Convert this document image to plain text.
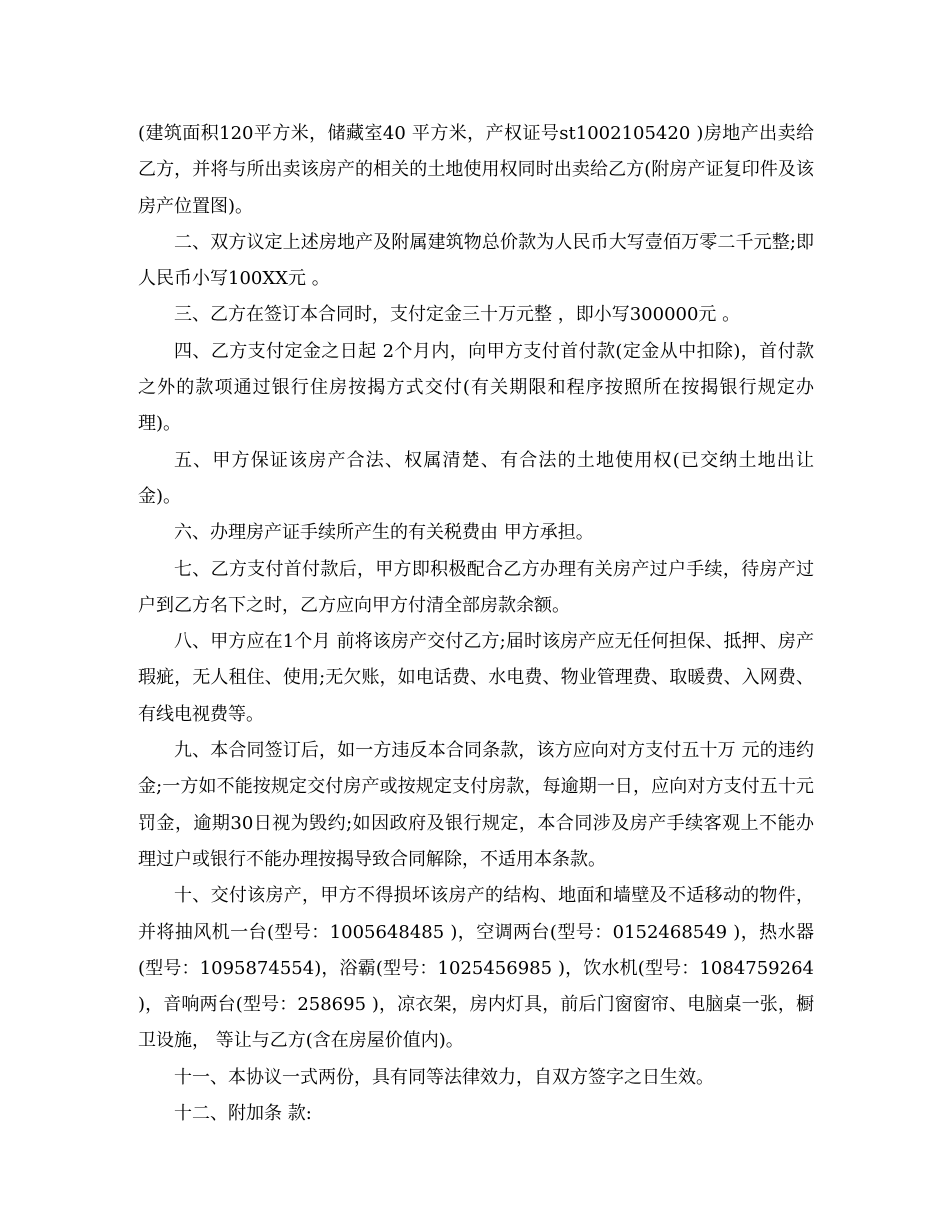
(建筑面积120平方米，储藏室40 平方米，产权证号st1002105420 )房地产出卖给乙方，并将与所出卖该房产的相关的土地使用权同时出卖给乙方(附房产证复印件及该房产位置图)。

二、双方议定上述房地产及附属建筑物总价款为人民币大写壹佰万零二千元整;即人民币小写100XX元 。

三、乙方在签订本合同时，支付定金三十万元整 ，即小写300000元 。

四、乙方支付定金之日起 2个月内，向甲方支付首付款(定金从中扣除)，首付款之外的款项通过银行住房按揭方式交付(有关期限和程序按照所在按揭银行规定办理)。

五、甲方保证该房产合法、权属清楚、有合法的土地使用权(已交纳土地出让金)。

六、办理房产证手续所产生的有关税费由 甲方承担。

七、乙方支付首付款后，甲方即积极配合乙方办理有关房产过户手续，待房产过户到乙方名下之时，乙方应向甲方付清全部房款余额。

八、甲方应在1个月 前将该房产交付乙方;届时该房产应无任何担保、抵押、房产瑕疵，无人租住、使用;无欠账，如电话费、水电费、物业管理费、取暖费、入网费、有线电视费等。

九、本合同签订后，如一方违反本合同条款，该方应向对方支付五十万 元的违约金;一方如不能按规定交付房产或按规定支付房款，每逾期一日，应向对方支付五十元罚金，逾期30日视为毁约;如因政府及银行规定，本合同涉及房产手续客观上不能办理过户或银行不能办理按揭导致合同解除，不适用本条款。

十、交付该房产，甲方不得损坏该房产的结构、地面和墙壁及不适移动的物件，并将抽风机一台(型号：1005648485 )，空调两台(型号：0152468549 )，热水器(型号：1095874554)，浴霸(型号：1025456985 )，饮水机(型号：1084759264 )，音响两台(型号：258695 )，凉衣架，房内灯具，前后门窗窗帘、电脑桌一张，橱卫设施， 等让与乙方(含在房屋价值内)。

十一、本协议一式两份，具有同等法律效力，自双方签字之日生效。

十二、附加条 款:
